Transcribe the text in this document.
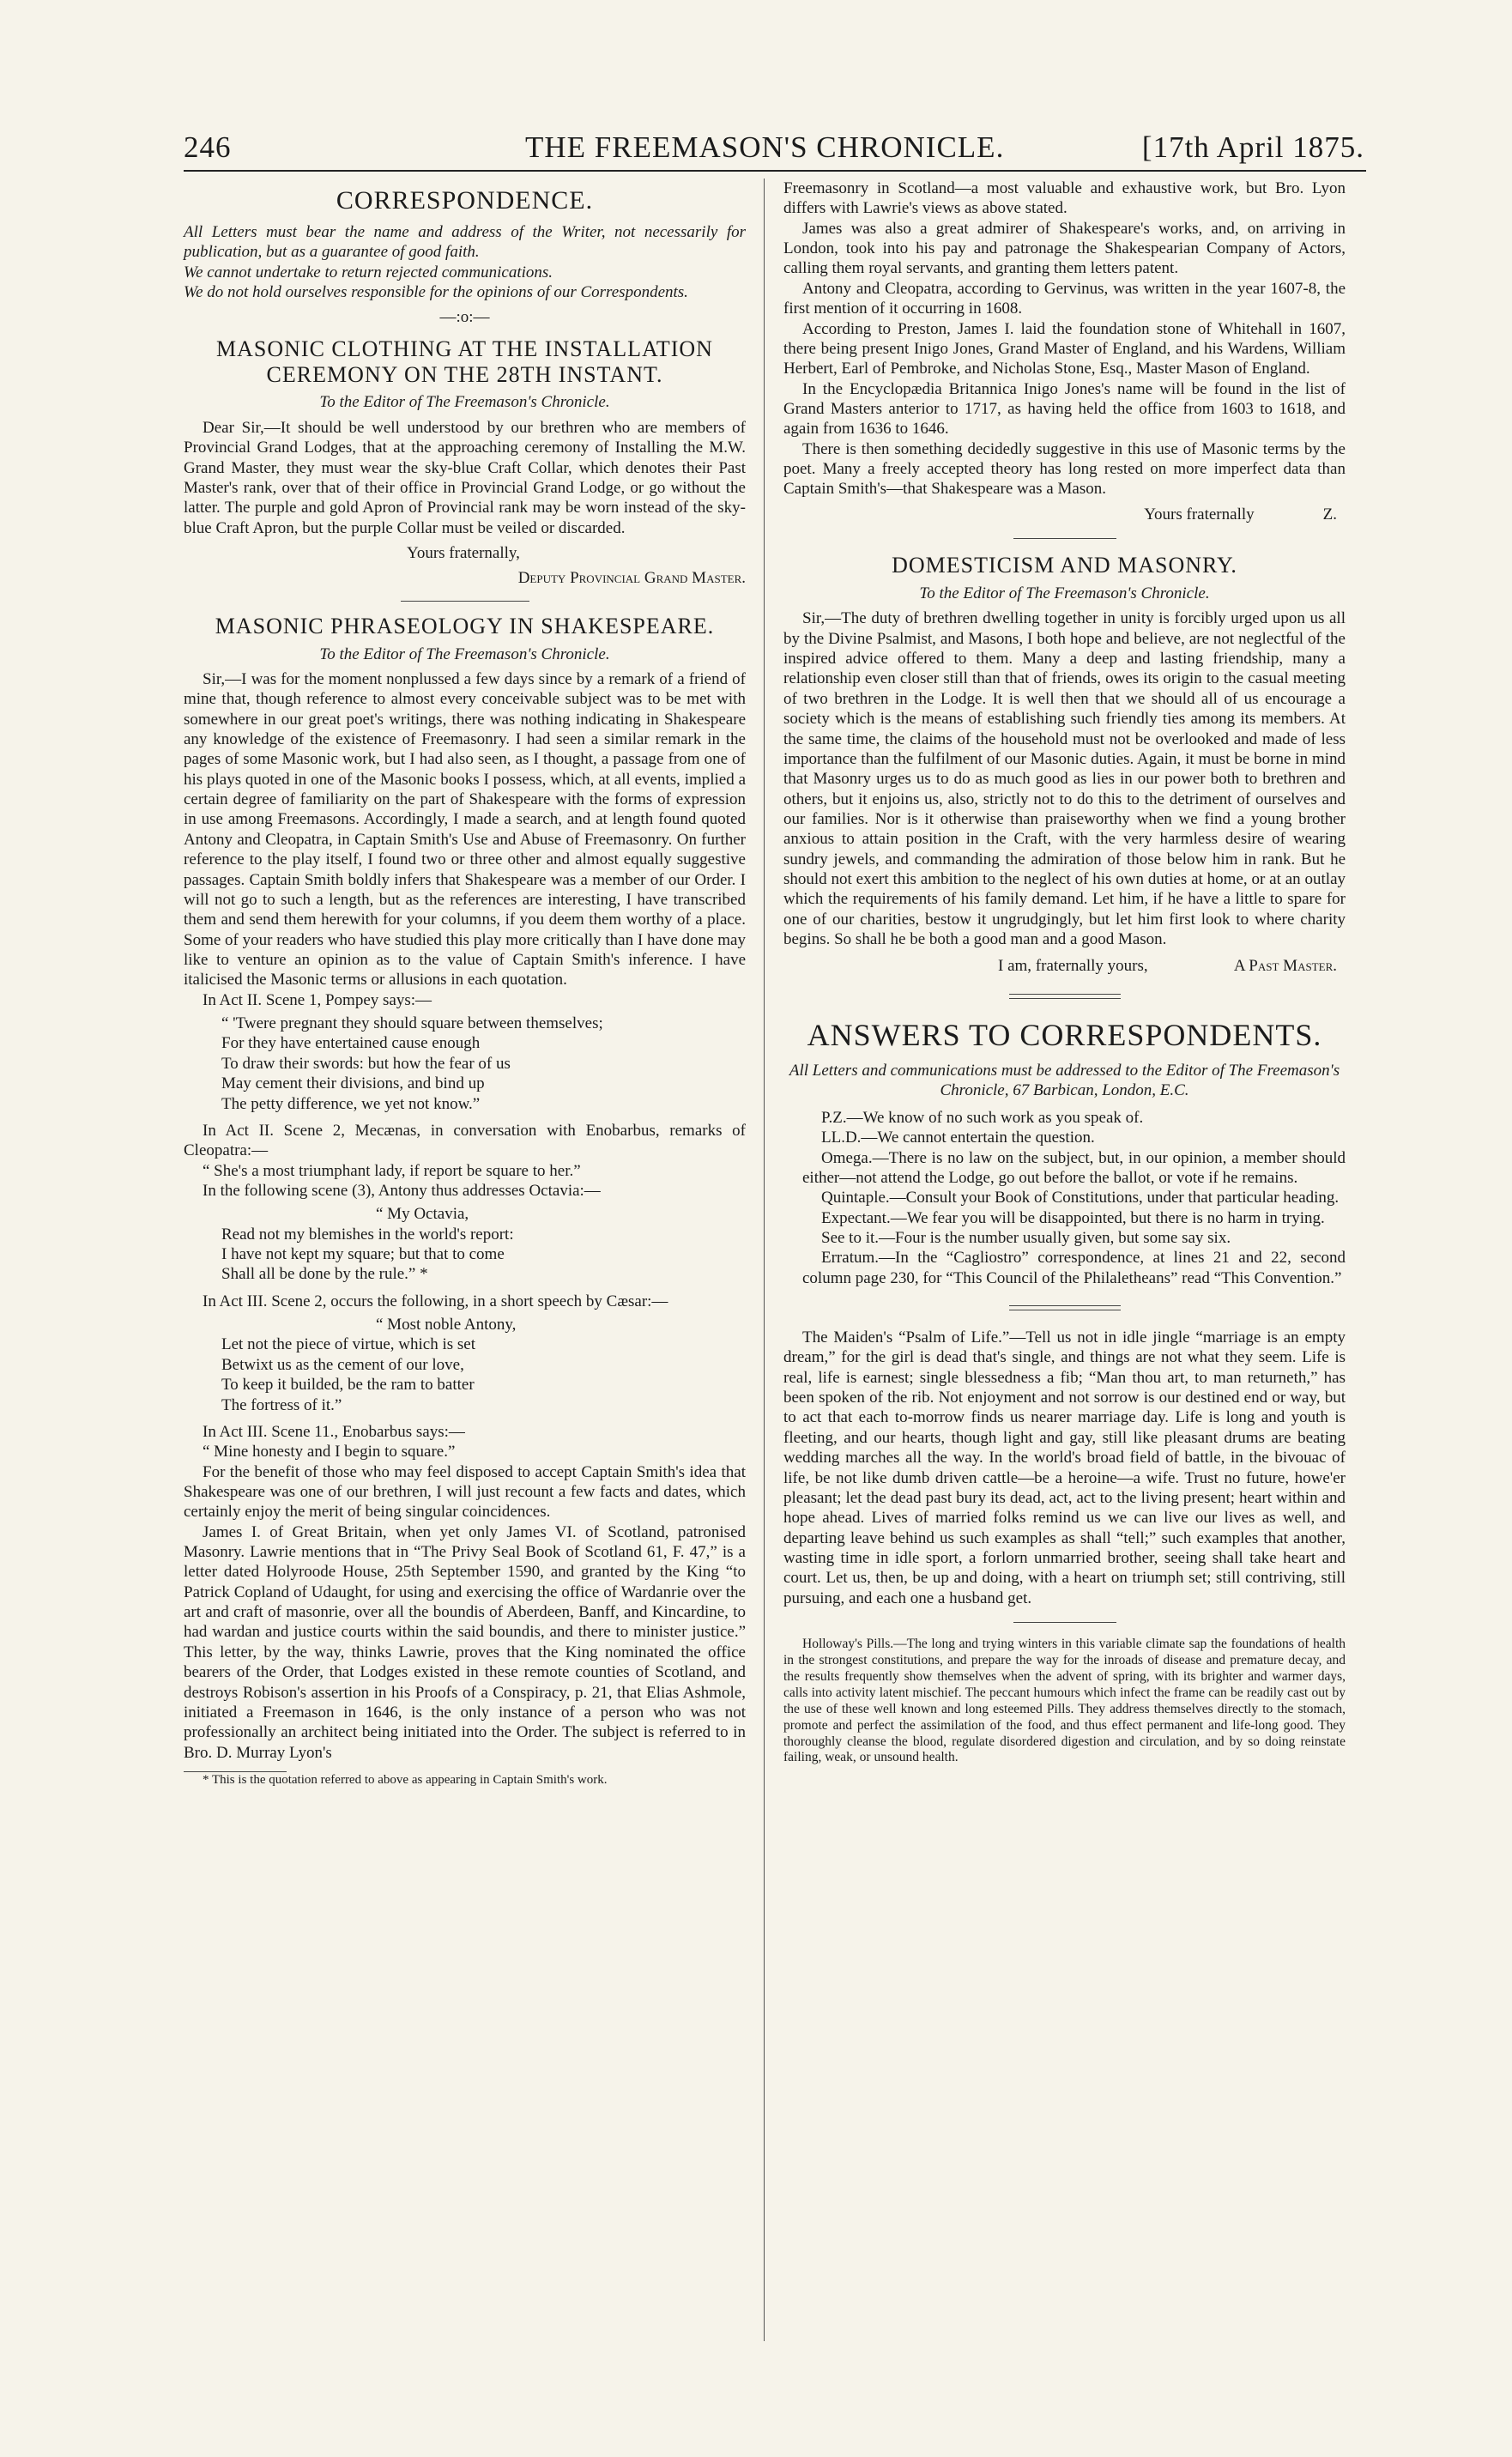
246	THE FREEMASON'S CHRONICLE.	[17th April 1875.
CORRESPONDENCE.

All Letters must bear the name and address of the Writer, not necessarily for publication, but as a guarantee of good faith.

We cannot undertake to return rejected communications.

We do not hold ourselves responsible for the opinions of our Correspondents.

—:o:—
MASONIC CLOTHING AT THE INSTALLATION CEREMONY ON THE 28TH INSTANT.
To the Editor of The Freemason's Chronicle.

Dear Sir,—It should be well understood by our brethren who are members of Provincial Grand Lodges, that at the approaching ceremony of Installing the M.W. Grand Master, they must wear the sky-blue Craft Collar, which denotes their Past Master's rank, over that of their office in Provincial Grand Lodge, or go without the latter. The purple and gold Apron of Provincial rank may be worn instead of the sky-blue Craft Apron, but the purple Collar must be veiled or discarded.

Yours fraternally,
Deputy Provincial Grand Master.
MASONIC PHRASEOLOGY IN SHAKESPEARE.
To the Editor of The Freemason's Chronicle.

Sir,—I was for the moment nonplussed a few days since by a remark of a friend of mine that, though reference to almost every conceivable subject was to be met with somewhere in our great poet's writings, there was nothing indicating in Shakespeare any knowledge of the existence of Freemasonry. I had seen a similar remark in the pages of some Masonic work, but I had also seen, as I thought, a passage from one of his plays quoted in one of the Masonic books I possess, which, at all events, implied a certain degree of familiarity on the part of Shakespeare with the forms of expression in use among Freemasons. Accordingly, I made a search, and at length found quoted Antony and Cleopatra, in Captain Smith's Use and Abuse of Freemasonry. On further reference to the play itself, I found two or three other and almost equally suggestive passages. Captain Smith boldly infers that Shakespeare was a member of our Order. I will not go to such a length, but as the references are interesting, I have transcribed them and send them herewith for your columns, if you deem them worthy of a place. Some of your readers who have studied this play more critically than I have done may like to venture an opinion as to the value of Captain Smith's inference. I have italicised the Masonic terms or allusions in each quotation.

In Act II. Scene 1, Pompey says:—

“ 'Twere pregnant they should square between themselves;
For they have entertained cause enough
To draw their swords: but how the fear of us
May cement their divisions, and bind up
The petty difference, we yet not know.”

In Act II. Scene 2, Mecænas, in conversation with Enobarbus, remarks of Cleopatra:—

“ She's a most triumphant lady, if report be square to her.”

In the following scene (3), Antony thus addresses Octavia:—

“ My Octavia,
Read not my blemishes in the world's report:
I have not kept my square; but that to come
Shall all be done by the rule.” *

In Act III. Scene 2, occurs the following, in a short speech by Cæsar:—

“ Most noble Antony,
Let not the piece of virtue, which is set
Betwixt us as the cement of our love,
To keep it builded, be the ram to batter
The fortress of it.”

In Act III. Scene 11., Enobarbus says:—

“ Mine honesty and I begin to square.”

For the benefit of those who may feel disposed to accept Captain Smith's idea that Shakespeare was one of our brethren, I will just recount a few facts and dates, which certainly enjoy the merit of being singular coincidences.

James I. of Great Britain, when yet only James VI. of Scotland, patronised Masonry. Lawrie mentions that in “The Privy Seal Book of Scotland 61, F. 47,” is a letter dated Holyroode House, 25th September 1590, and granted by the King “to Patrick Copland of Udaught, for using and exercising the office of Wardanrie over the art and craft of masonrie, over all the boundis of Aberdeen, Banff, and Kincardine, to had wardan and justice courts within the said boundis, and there to minister justice.” This letter, by the way, thinks Lawrie, proves that the King nominated the office bearers of the Order, that Lodges existed in these remote counties of Scotland, and destroys Robison's assertion in his Proofs of a Conspiracy, p. 21, that Elias Ashmole, initiated a Freemason in 1646, is the only instance of a person who was not professionally an architect being initiated into the Order. The subject is referred to in Bro. D. Murray Lyon's

* This is the quotation referred to above as appearing in Captain Smith's work.

Freemasonry in Scotland—a most valuable and exhaustive work, but Bro. Lyon differs with Lawrie's views as above stated.

James was also a great admirer of Shakespeare's works, and, on arriving in London, took into his pay and patronage the Shakespearian Company of Actors, calling them royal servants, and granting them letters patent.

Antony and Cleopatra, according to Gervinus, was written in the year 1607-8, the first mention of it occurring in 1608.

According to Preston, James I. laid the foundation stone of Whitehall in 1607, there being present Inigo Jones, Grand Master of England, and his Wardens, William Herbert, Earl of Pembroke, and Nicholas Stone, Esq., Master Mason of England.

In the Encyclopædia Britannica Inigo Jones's name will be found in the list of Grand Masters anterior to 1717, as having held the office from 1603 to 1618, and again from 1636 to 1646.

There is then something decidedly suggestive in this use of Masonic terms by the poet. Many a freely accepted theory has long rested on more imperfect data than Captain Smith's—that Shakespeare was a Mason.

Yours fraternally	Z.
DOMESTICISM AND MASONRY.
To the Editor of The Freemason's Chronicle.

Sir,—The duty of brethren dwelling together in unity is forcibly urged upon us all by the Divine Psalmist, and Masons, I both hope and believe, are not neglectful of the inspired advice offered to them. Many a deep and lasting friendship, many a relationship even closer still than that of friends, owes its origin to the casual meeting of two brethren in the Lodge. It is well then that we should all of us encourage a society which is the means of establishing such friendly ties among its members. At the same time, the claims of the household must not be overlooked and made of less importance than the fulfilment of our Masonic duties. Again, it must be borne in mind that Masonry urges us to do as much good as lies in our power both to brethren and others, but it enjoins us, also, strictly not to do this to the detriment of ourselves and our families. Nor is it otherwise than praiseworthy when we find a young brother anxious to attain position in the Craft, with the very harmless desire of wearing sundry jewels, and commanding the admiration of those below him in rank. But he should not exert this ambition to the neglect of his own duties at home, or at an outlay which the requirements of his family demand. Let him, if he have a little to spare for one of our charities, bestow it ungrudgingly, but let him first look to where charity begins. So shall he be both a good man and a good Mason.

I am, fraternally yours,	A Past Master.
ANSWERS TO CORRESPONDENTS.

All Letters and communications must be addressed to the Editor of The Freemason's Chronicle, 67 Barbican, London, E.C.

P.Z.—We know of no such work as you speak of.

LL.D.—We cannot entertain the question.

Omega.—There is no law on the subject, but, in our opinion, a member should either—not attend the Lodge, go out before the ballot, or vote if he remains.

Quintaple.—Consult your Book of Constitutions, under that particular heading.

Expectant.—We fear you will be disappointed, but there is no harm in trying.

See to it.—Four is the number usually given, but some say six.

Erratum.—In the “Cagliostro” correspondence, at lines 21 and 22, second column page 230, for “This Council of the Philaletheans” read “This Convention.”

The Maiden's “Psalm of Life.”—Tell us not in idle jingle “marriage is an empty dream,” for the girl is dead that's single, and things are not what they seem. Life is real, life is earnest; single blessedness a fib; “Man thou art, to man returneth,” has been spoken of the rib. Not enjoyment and not sorrow is our destined end or way, but to act that each to-morrow finds us nearer marriage day. Life is long and youth is fleeting, and our hearts, though light and gay, still like pleasant drums are beating wedding marches all the way. In the world's broad field of battle, in the bivouac of life, be not like dumb driven cattle—be a heroine—a wife. Trust no future, howe'er pleasant; let the dead past bury its dead, act, act to the living present; heart within and hope ahead. Lives of married folks remind us we can live our lives as well, and departing leave behind us such examples as shall “tell;” such examples that another, wasting time in idle sport, a forlorn unmarried brother, seeing shall take heart and court. Let us, then, be up and doing, with a heart on triumph set; still contriving, still pursuing, and each one a husband get.

Holloway's Pills.—The long and trying winters in this variable climate sap the foundations of health in the strongest constitutions, and prepare the way for the inroads of disease and premature decay, and the results frequently show themselves when the advent of spring, with its brighter and warmer days, calls into activity latent mischief. The peccant humours which infect the frame can be readily cast out by the use of these well known and long esteemed Pills. They address themselves directly to the stomach, promote and perfect the assimilation of the food, and thus effect permanent and life-long good. They thoroughly cleanse the blood, regulate disordered digestion and circulation, and by so doing reinstate failing, weak, or unsound health.
